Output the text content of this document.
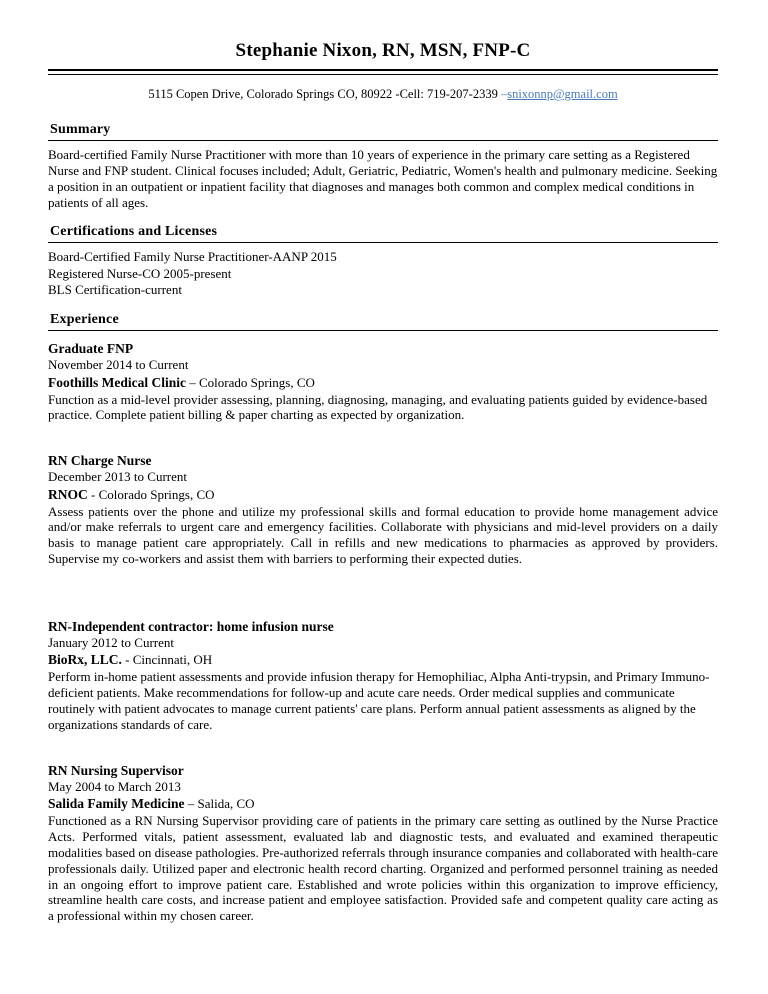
Stephanie Nixon, RN, MSN, FNP-C
5115 Copen Drive, Colorado Springs CO, 80922 -Cell: 719-207-2339 –snixonnp@gmail.com
Summary

Board-certified Family Nurse Practitioner with more than 10 years of experience in the primary care setting as a Registered Nurse and FNP student. Clinical focuses included; Adult, Geriatric, Pediatric, Women's health and pulmonary medicine. Seeking a position in an outpatient or inpatient facility that diagnoses and manages both common and complex medical conditions in patients of all ages.

Certifications and Licenses
Board-Certified Family Nurse Practitioner-AANP 2015
Registered Nurse-CO 2005-present
BLS Certification-current
Experience
Graduate FNP
November 2014 to Current
Foothills Medical Clinic – Colorado Springs, CO

Function as a mid-level provider assessing, planning, diagnosing, managing, and evaluating patients guided by evidence-based practice. Complete patient billing & paper charting as expected by organization.

RN Charge Nurse
December 2013 to Current
RNOC - Colorado Springs, CO

Assess patients over the phone and utilize my professional skills and formal education to provide home management advice and/or make referrals to urgent care and emergency facilities. Collaborate with physicians and mid-level providers on a daily basis to manage patient care appropriately. Call in refills and new medications to pharmacies as approved by providers. Supervise my co-workers and assist them with barriers to performing their expected duties.

RN-Independent contractor: home infusion nurse
January 2012 to Current
BioRx, LLC. - Cincinnati, OH

Perform in-home patient assessments and provide infusion therapy for Hemophiliac, Alpha Anti-trypsin, and Primary Immuno-deficient patients. Make recommendations for follow-up and acute care needs. Order medical supplies and communicate routinely with patient advocates to manage current patients' care plans. Perform annual patient assessments as aligned by the organizations standards of care.

RN Nursing Supervisor
May 2004 to March 2013
Salida Family Medicine – Salida, CO

Functioned as a RN Nursing Supervisor providing care of patients in the primary care setting as outlined by the Nurse Practice Acts. Performed vitals, patient assessment, evaluated lab and diagnostic tests, and evaluated and examined therapeutic modalities based on disease pathologies. Pre-authorized referrals through insurance companies and collaborated with health-care professionals daily. Utilized paper and electronic health record charting. Organized and performed personnel training as needed in an ongoing effort to improve patient care. Established and wrote policies within this organization to improve efficiency, streamline health care costs, and increase patient and employee satisfaction. Provided safe and competent quality care acting as a professional within my chosen career.
